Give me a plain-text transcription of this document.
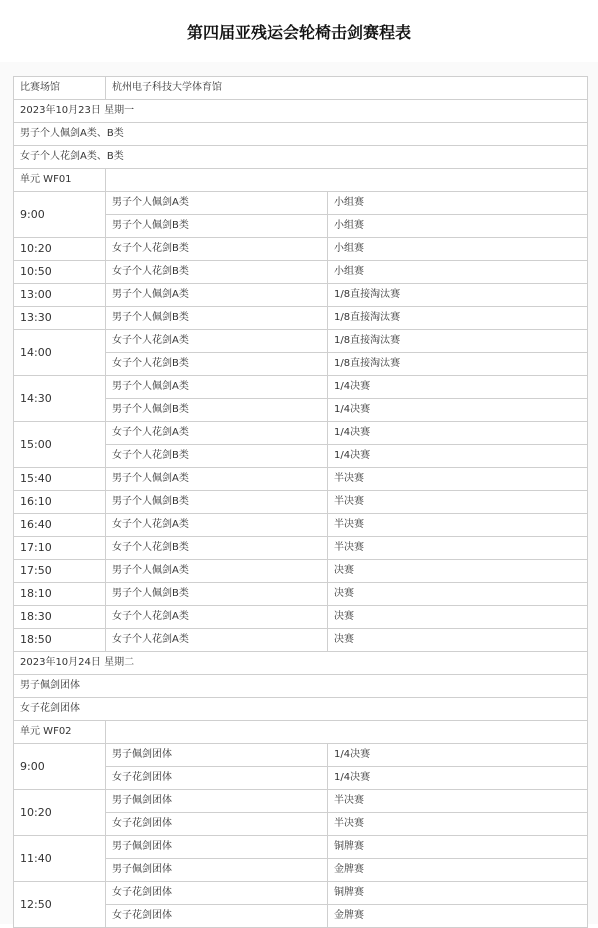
第四届亚残运会轮椅击剑赛程表
比赛场馆	杭州电子科技大学体育馆	
2023年10月23日 星期一		
男子个人佩剑A类、B类		
女子个人花剑A类、B类		
单元 WF01		
9:00	男子个人佩剑A类	小组赛
	男子个人佩剑B类	小组赛
10:20	女子个人花剑B类	小组赛
10:50	女子个人花剑B类	小组赛
13:00	男子个人佩剑A类	1/8直接淘汰赛
13:30	男子个人佩剑B类	1/8直接淘汰赛
14:00	女子个人花剑A类	1/8直接淘汰赛
	女子个人花剑B类	1/8直接淘汰赛
14:30	男子个人佩剑A类	1/4决赛
	男子个人佩剑B类	1/4决赛
15:00	女子个人花剑A类	1/4决赛
	女子个人花剑B类	1/4决赛
15:40	男子个人佩剑A类	半决赛
16:10	男子个人佩剑B类	半决赛
16:40	女子个人花剑A类	半决赛
17:10	女子个人花剑B类	半决赛
17:50	男子个人佩剑A类	决赛
18:10	男子个人佩剑B类	决赛
18:30	女子个人花剑A类	决赛
18:50	女子个人花剑A类	决赛
2023年10月24日 星期二		
男子佩剑团体		
女子花剑团体		
单元 WF02		
9:00	男子佩剑团体	1/4决赛
	女子花剑团体	1/4决赛
10:20	男子佩剑团体	半决赛
	女子花剑团体	半决赛
11:40	男子佩剑团体	铜牌赛
	男子佩剑团体	金牌赛
12:50	女子花剑团体	铜牌赛
	女子花剑团体	金牌赛
